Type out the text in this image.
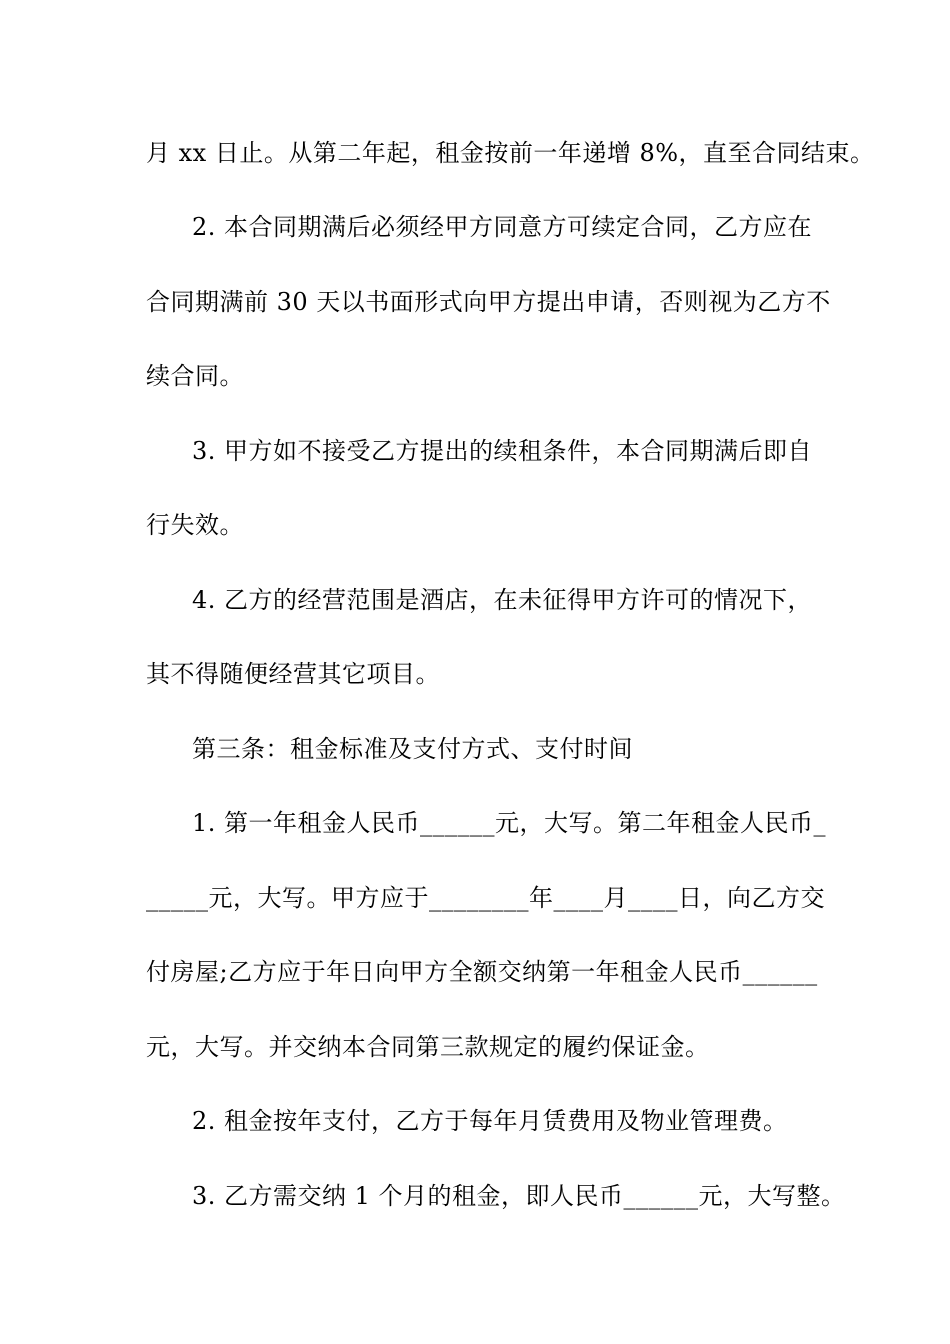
月 xx 日止。从第二年起，租金按前一年递增 8%，直至合同结束。
2. 本合同期满后必须经甲方同意方可续定合同，乙方应在
合同期满前 30 天以书面形式向甲方提出申请，否则视为乙方不
续合同。
3. 甲方如不接受乙方提出的续租条件，本合同期满后即自
行失效。
4. 乙方的经营范围是酒店，在未征得甲方许可的情况下，
其不得随便经营其它项目。
第三条：租金标准及支付方式、支付时间
1. 第一年租金人民币______元，大写。第二年租金人民币_
_____元，大写。甲方应于________年____月____日，向乙方交
付房屋;乙方应于年日向甲方全额交纳第一年租金人民币______
元，大写。并交纳本合同第三款规定的履约保证金。
2. 租金按年支付，乙方于每年月赁费用及物业管理费。
3. 乙方需交纳 1 个月的租金，即人民币______元，大写整。
